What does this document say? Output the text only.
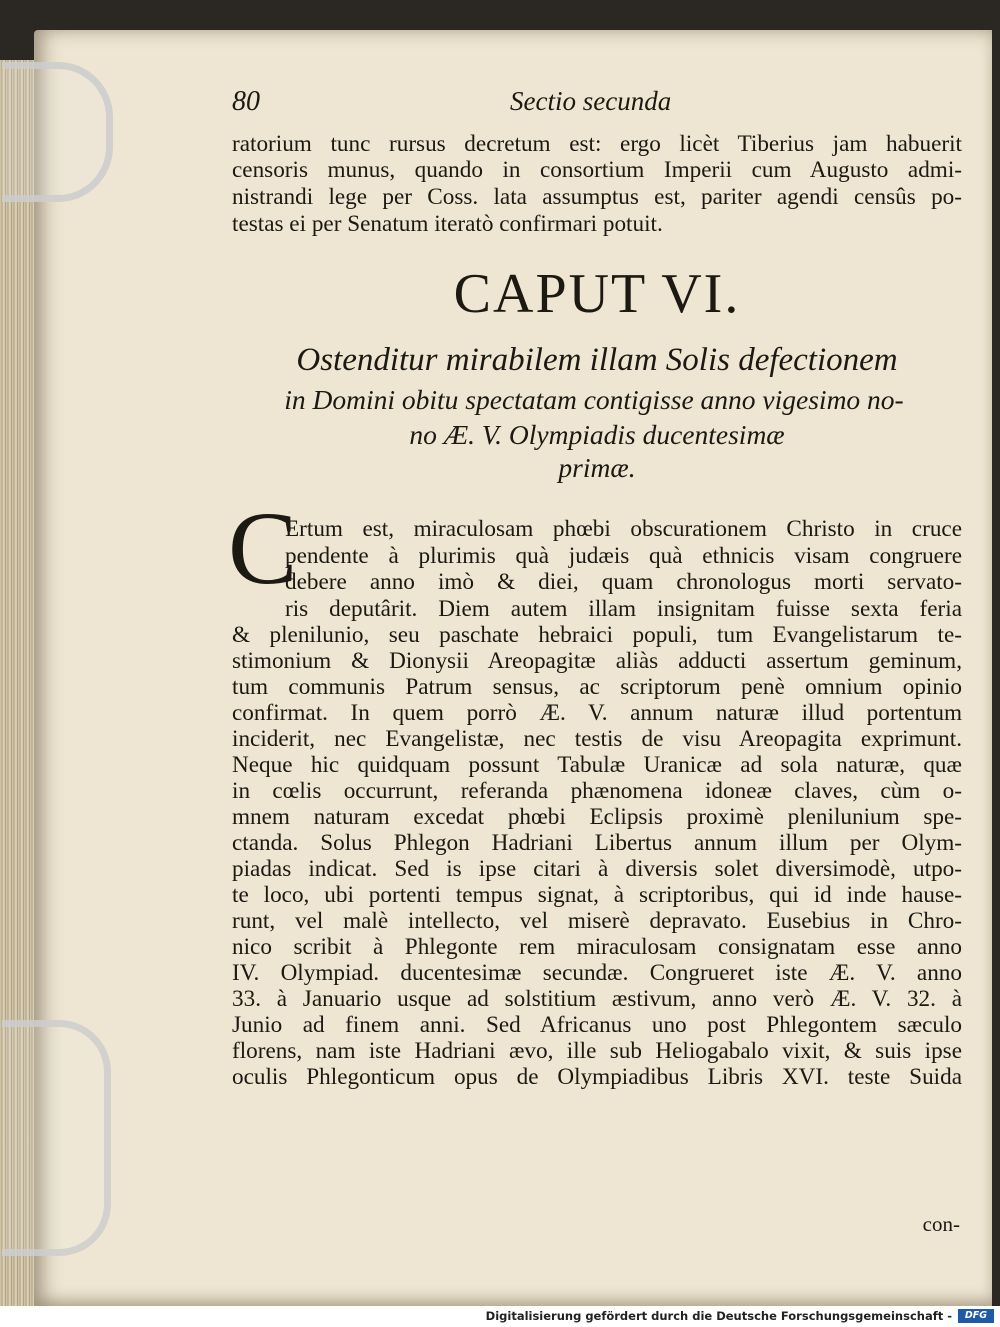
80	Sectio secunda
ratorium tunc rursus decretum est: ergo licèt Tiberius jam habuerit
censoris munus, quando in consortium Imperii cum Augusto admi-
nistrandi lege per Coss. lata assumptus est, pariter agendi censûs po-
testas ei per Senatum iteratò confirmari potuit.
CAPUT VI.
Ostenditur mirabilem illam Solis defectionem
in Domini obitu spectatam contigisse anno vigesimo no-
no Æ. V. Olympiadis ducentesimæ
primæ.
C
Ertum est, miraculosam phœbi obscurationem Christo in cruce
pendente à plurimis quà judæis quà ethnicis visam congruere
debere anno imò & diei, quam chronologus morti servato-
ris deputârit. Diem autem illam insignitam fuisse sexta feria
& plenilunio, seu paschate hebraici populi, tum Evangelistarum te-
stimonium & Dionysii Areopagitæ aliàs adducti assertum geminum,
tum communis Patrum sensus, ac scriptorum penè omnium opinio
confirmat. In quem porrò Æ. V. annum naturæ illud portentum
inciderit, nec Evangelistæ, nec testis de visu Areopagita exprimunt.
Neque hic quidquam possunt Tabulæ Uranicæ ad sola naturæ, quæ
in cœlis occurrunt, referanda phænomena idoneæ claves, cùm o-
mnem naturam excedat phœbi Eclipsis proximè plenilunium spe-
ctanda. Solus Phlegon Hadriani Libertus annum illum per Olym-
piadas indicat. Sed is ipse citari à diversis solet diversimodè, utpo-
te loco, ubi portenti tempus signat, à scriptoribus, qui id inde hause-
runt, vel malè intellecto, vel miserè depravato. Eusebius in Chro-
nico scribit à Phlegonte rem miraculosam consignatam esse anno
IV. Olympiad. ducentesimæ secundæ. Congrueret iste Æ. V. anno
33. à Januario usque ad solstitium æstivum, anno verò Æ. V. 32. à
Junio ad finem anni. Sed Africanus uno post Phlegontem sæculo
florens, nam iste Hadriani ævo, ille sub Heliogabalo vixit, & suis ipse
oculis Phlegonticum opus de Olympiadibus Libris XVI. teste Suida
con-
Digitalisierung gefördert durch die Deutsche Forschungsgemeinschaft -	DFG
